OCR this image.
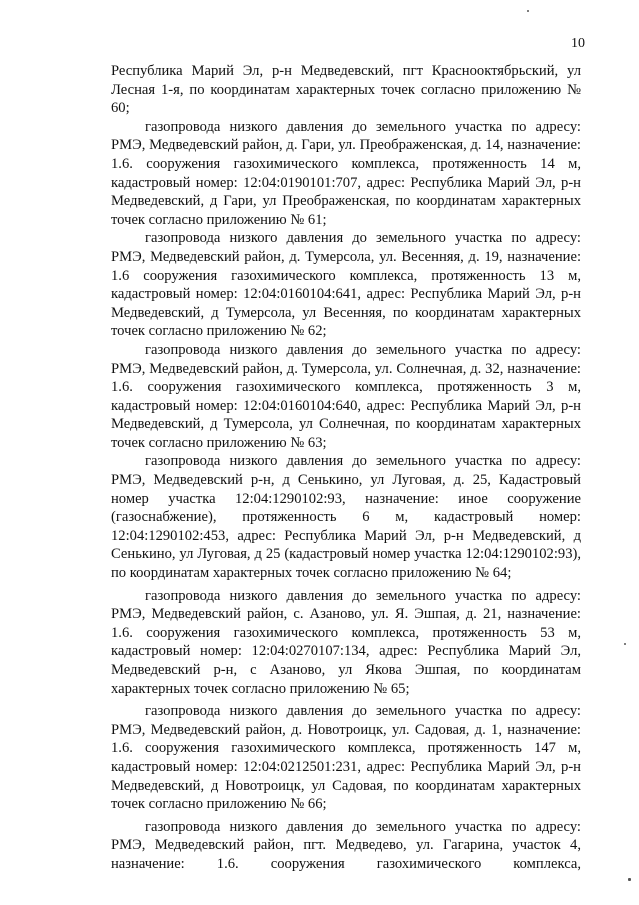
10

Республика Марий Эл, р-н Медведевский, пгт Краснооктябрьский, ул Лесная 1-я, по координатам характерных точек согласно приложению № 60;

газопровода низкого давления до земельного участка по адресу: РМЭ, Медведевский район, д. Гари, ул. Преображенская, д. 14, назначение: 1.6. сооружения газохимического комплекса, протяженность 14 м, кадастровый номер: 12:04:0190101:707, адрес: Республика Марий Эл, р-н Медведевский, д Гари, ул Преображенская, по координатам характерных точек согласно приложению № 61;

газопровода низкого давления до земельного участка по адресу: РМЭ, Медведевский район, д. Тумерсола, ул. Весенняя, д. 19, назначение: 1.6 сооружения газохимического комплекса, протяженность 13 м, кадастровый номер: 12:04:0160104:641, адрес: Республика Марий Эл, р-н Медведевский, д Тумерсола, ул Весенняя, по координатам характерных точек согласно приложению № 62;

газопровода низкого давления до земельного участка по адресу: РМЭ, Медведевский район, д. Тумерсола, ул. Солнечная, д. 32, назначение: 1.6. сооружения газохимического комплекса, протяженность 3 м, кадастровый номер: 12:04:0160104:640, адрес: Республика Марий Эл, р-н Медведевский, д Тумерсола, ул Солнечная, по координатам характерных точек согласно приложению № 63;

газопровода низкого давления до земельного участка по адресу: РМЭ, Медведевский р-н, д Сенькино, ул Луговая, д. 25, Кадастровый номер участка 12:04:1290102:93, назначение: иное сооружение (газоснабжение), протяженность 6 м, кадастровый номер: 12:04:1290102:453, адрес: Республика Марий Эл, р-н Медведевский, д Сенькино, ул Луговая, д 25 (кадастровый номер участка 12:04:1290102:93), по координатам характерных точек согласно приложению № 64;

газопровода низкого давления до земельного участка по адресу: РМЭ, Медведевский район, с. Азаново, ул. Я. Эшпая, д. 21, назначение: 1.6. сооружения газохимического комплекса, протяженность 53 м, кадастровый номер: 12:04:0270107:134, адрес: Республика Марий Эл, Медведевский р-н, с Азаново, ул Якова Эшпая, по координатам характерных точек согласно приложению № 65;

газопровода низкого давления до земельного участка по адресу: РМЭ, Медведевский район, д. Новотроицк, ул. Садовая, д. 1, назначение: 1.6. сооружения газохимического комплекса, протяженность 147 м, кадастровый номер: 12:04:0212501:231, адрес: Республика Марий Эл, р-н Медведевский, д Новотроицк, ул Садовая, по координатам характерных точек согласно приложению № 66;

газопровода низкого давления до земельного участка по адресу: РМЭ, Медведевский район, пгт. Медведево, ул. Гагарина, участок 4, назначение: 1.6. сооружения газохимического комплекса,
